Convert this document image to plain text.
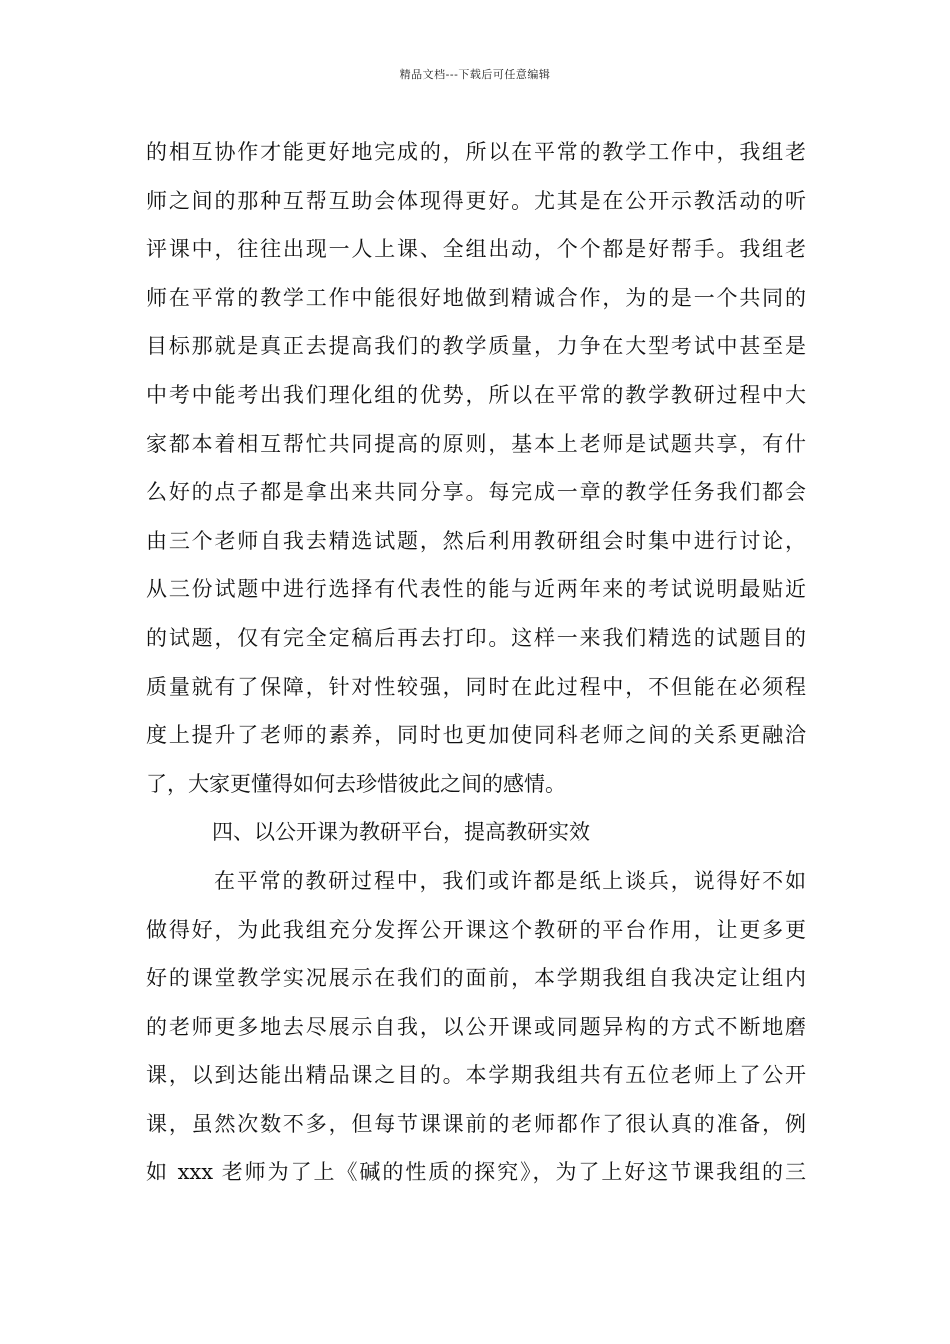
精品文档---下载后可任意编辑
的相互协作才能更好地完成的，所以在平常的教学工作中，我组老
师之间的那种互帮互助会体现得更好。尤其是在公开示教活动的听
评课中，往往出现一人上课、全组出动，个个都是好帮手。我组老
师在平常的教学工作中能很好地做到精诚合作，为的是一个共同的
目标那就是真正去提高我们的教学质量，力争在大型考试中甚至是
中考中能考出我们理化组的优势，所以在平常的教学教研过程中大
家都本着相互帮忙共同提高的原则，基本上老师是试题共享，有什
么好的点子都是拿出来共同分享。每完成一章的教学任务我们都会
由三个老师自我去精选试题，然后利用教研组会时集中进行讨论，
从三份试题中进行选择有代表性的能与近两年来的考试说明最贴近
的试题，仅有完全定稿后再去打印。这样一来我们精选的试题目的
质量就有了保障，针对性较强，同时在此过程中，不但能在必须程
度上提升了老师的素养，同时也更加使同科老师之间的关系更融洽
了，大家更懂得如何去珍惜彼此之间的感情。
四、以公开课为教研平台，提高教研实效
在平常的教研过程中，我们或许都是纸上谈兵，说得好不如
做得好，为此我组充分发挥公开课这个教研的平台作用，让更多更
好的课堂教学实况展示在我们的面前，本学期我组自我决定让组内
的老师更多地去尽展示自我，以公开课或同题异构的方式不断地磨
课，以到达能出精品课之目的。本学期我组共有五位老师上了公开
课，虽然次数不多，但每节课课前的老师都作了很认真的准备，例
如 xxx 老师为了上《碱的性质的探究》，为了上好这节课我组的三
